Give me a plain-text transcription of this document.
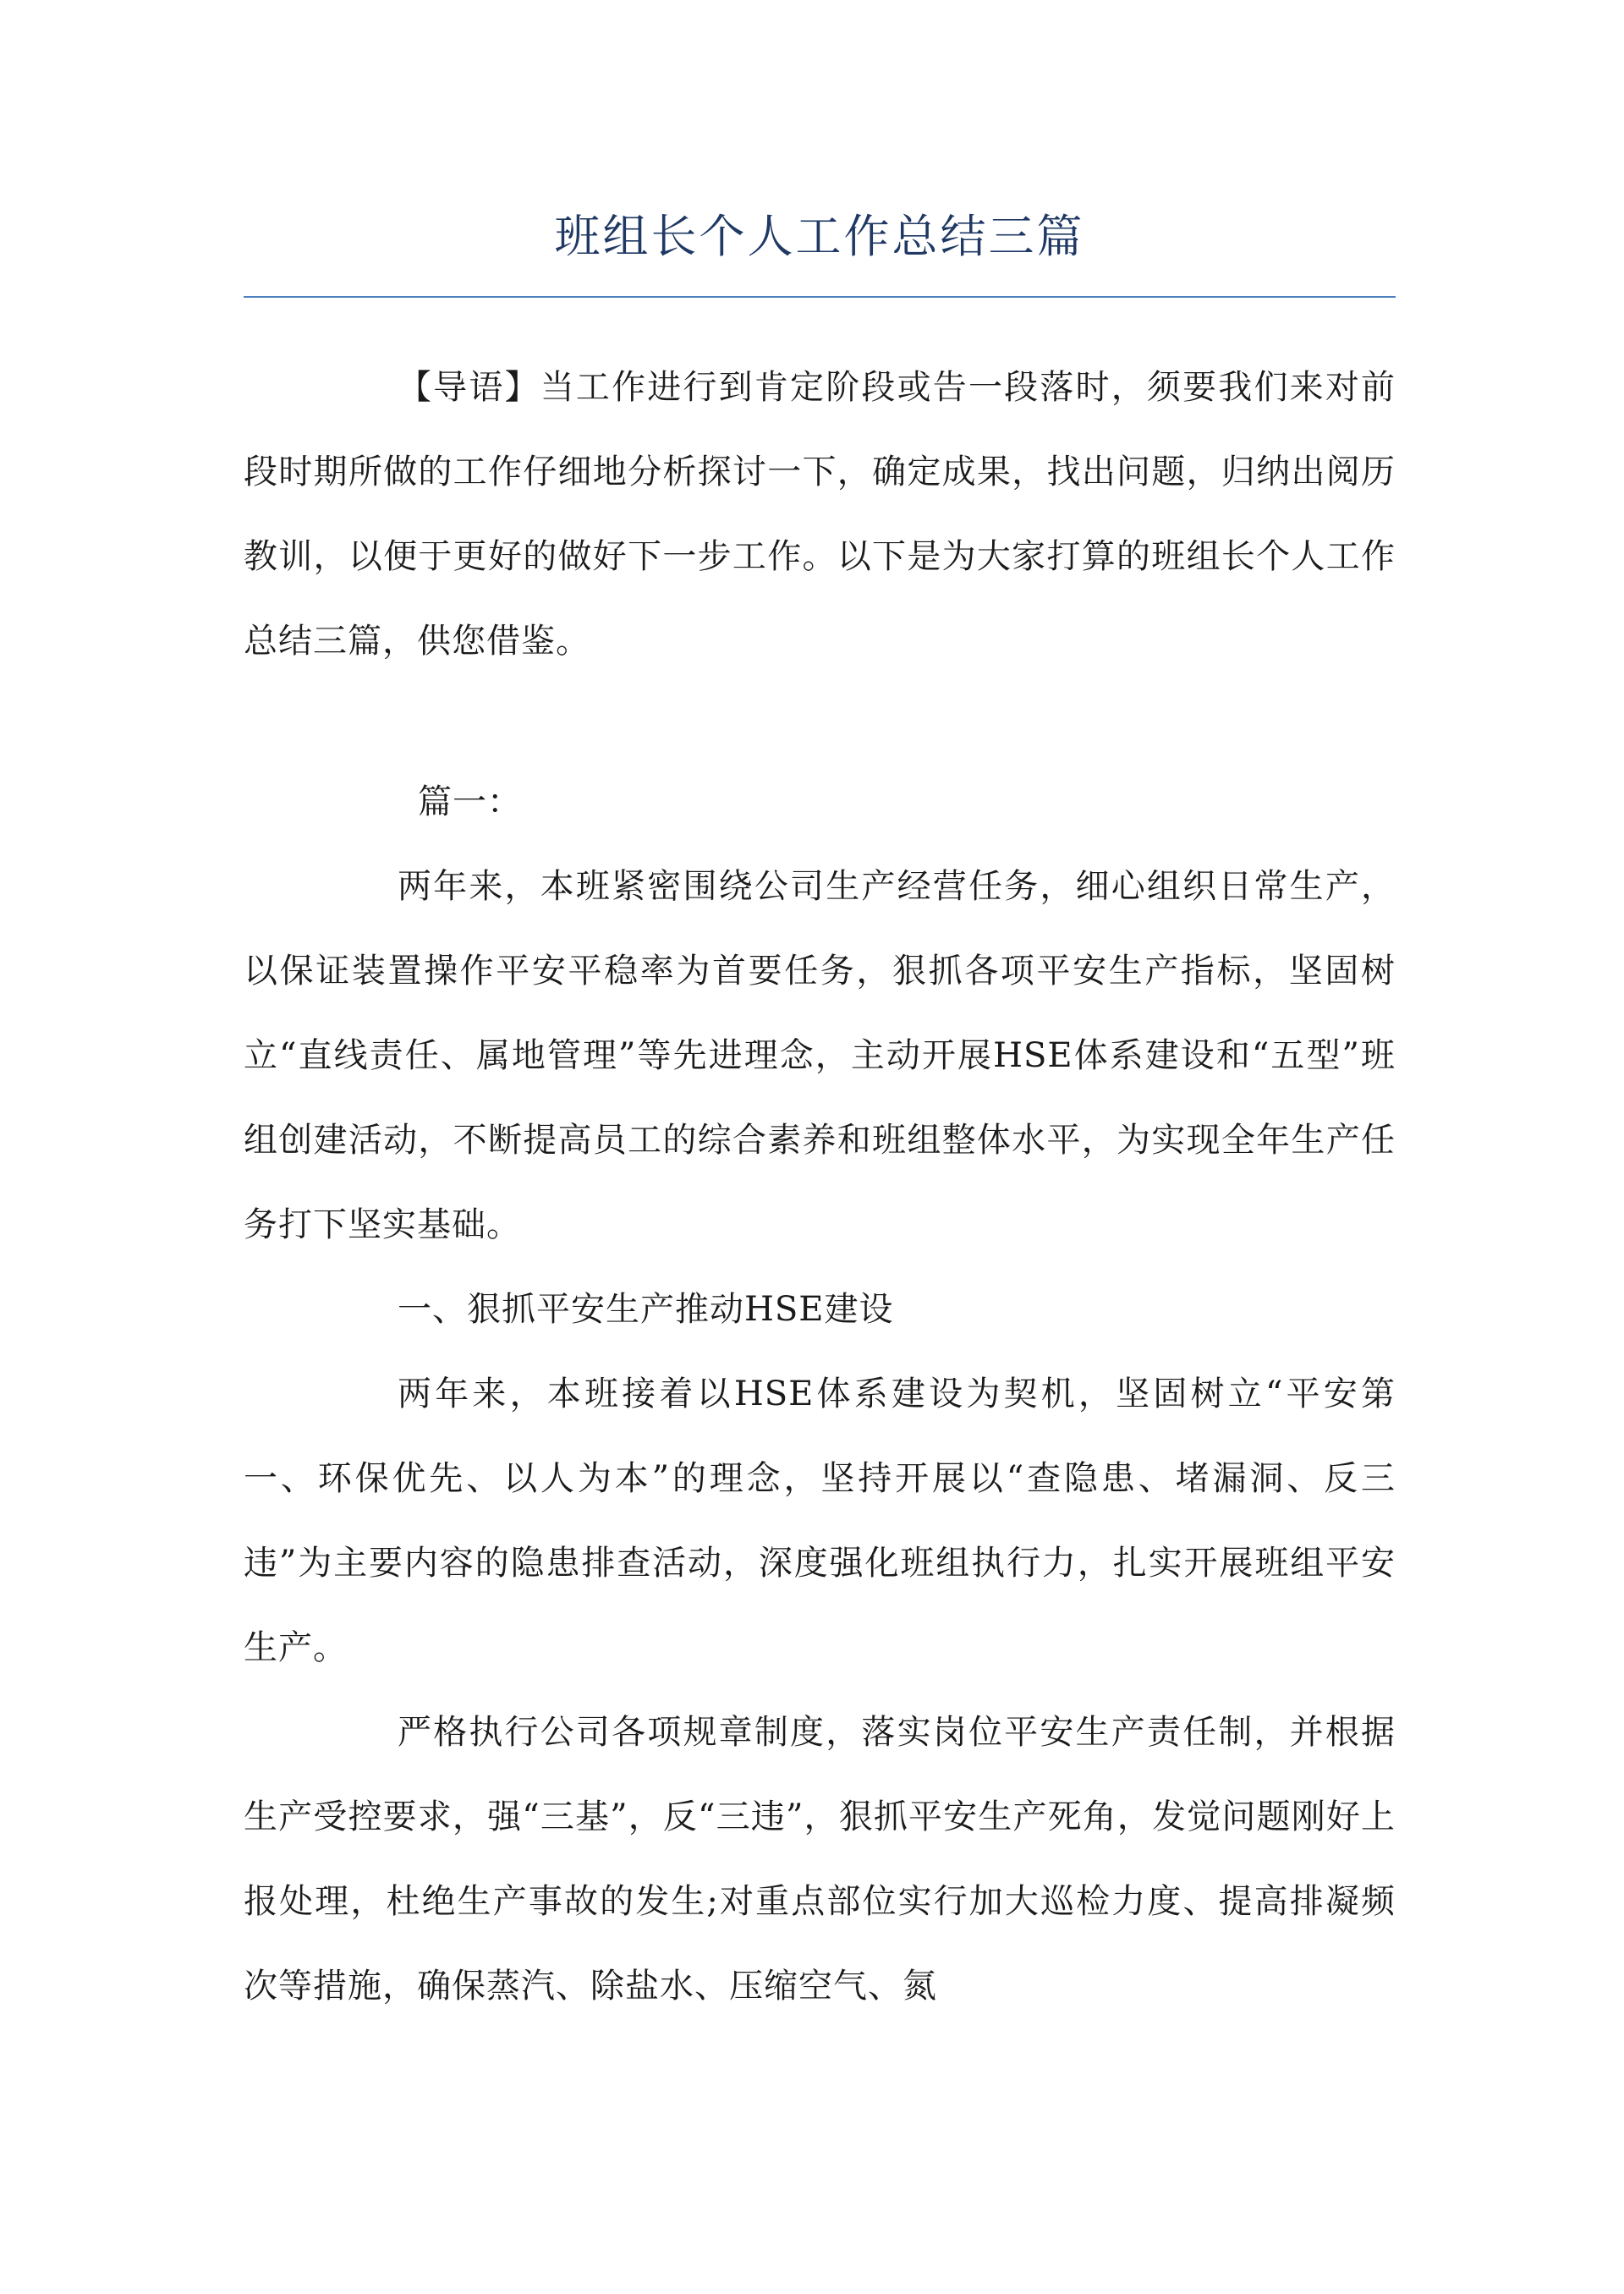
班组长个人工作总结三篇

【导语】当工作进行到肯定阶段或告一段落时，须要我们来对前段时期所做的工作仔细地分析探讨一下，确定成果，找出问题，归纳出阅历教训，以便于更好的做好下一步工作。以下是为大家打算的班组长个人工作总结三篇，供您借鉴。

篇一：

两年来，本班紧密围绕公司生产经营任务，细心组织日常生产，以保证装置操作平安平稳率为首要任务，狠抓各项平安生产指标，坚固树立“直线责任、属地管理”等先进理念，主动开展HSE体系建设和“五型”班组创建活动，不断提高员工的综合素养和班组整体水平，为实现全年生产任务打下坚实基础。

一、狠抓平安生产推动HSE建设

两年来，本班接着以HSE体系建设为契机，坚固树立“平安第一、环保优先、以人为本”的理念，坚持开展以“查隐患、堵漏洞、反三违”为主要内容的隐患排查活动，深度强化班组执行力，扎实开展班组平安生产。

严格执行公司各项规章制度，落实岗位平安生产责任制，并根据生产受控要求，强“三基”，反“三违”，狠抓平安生产死角，发觉问题刚好上报处理，杜绝生产事故的发生;对重点部位实行加大巡检力度、提高排凝频次等措施，确保蒸汽、除盐水、压缩空气、氮
